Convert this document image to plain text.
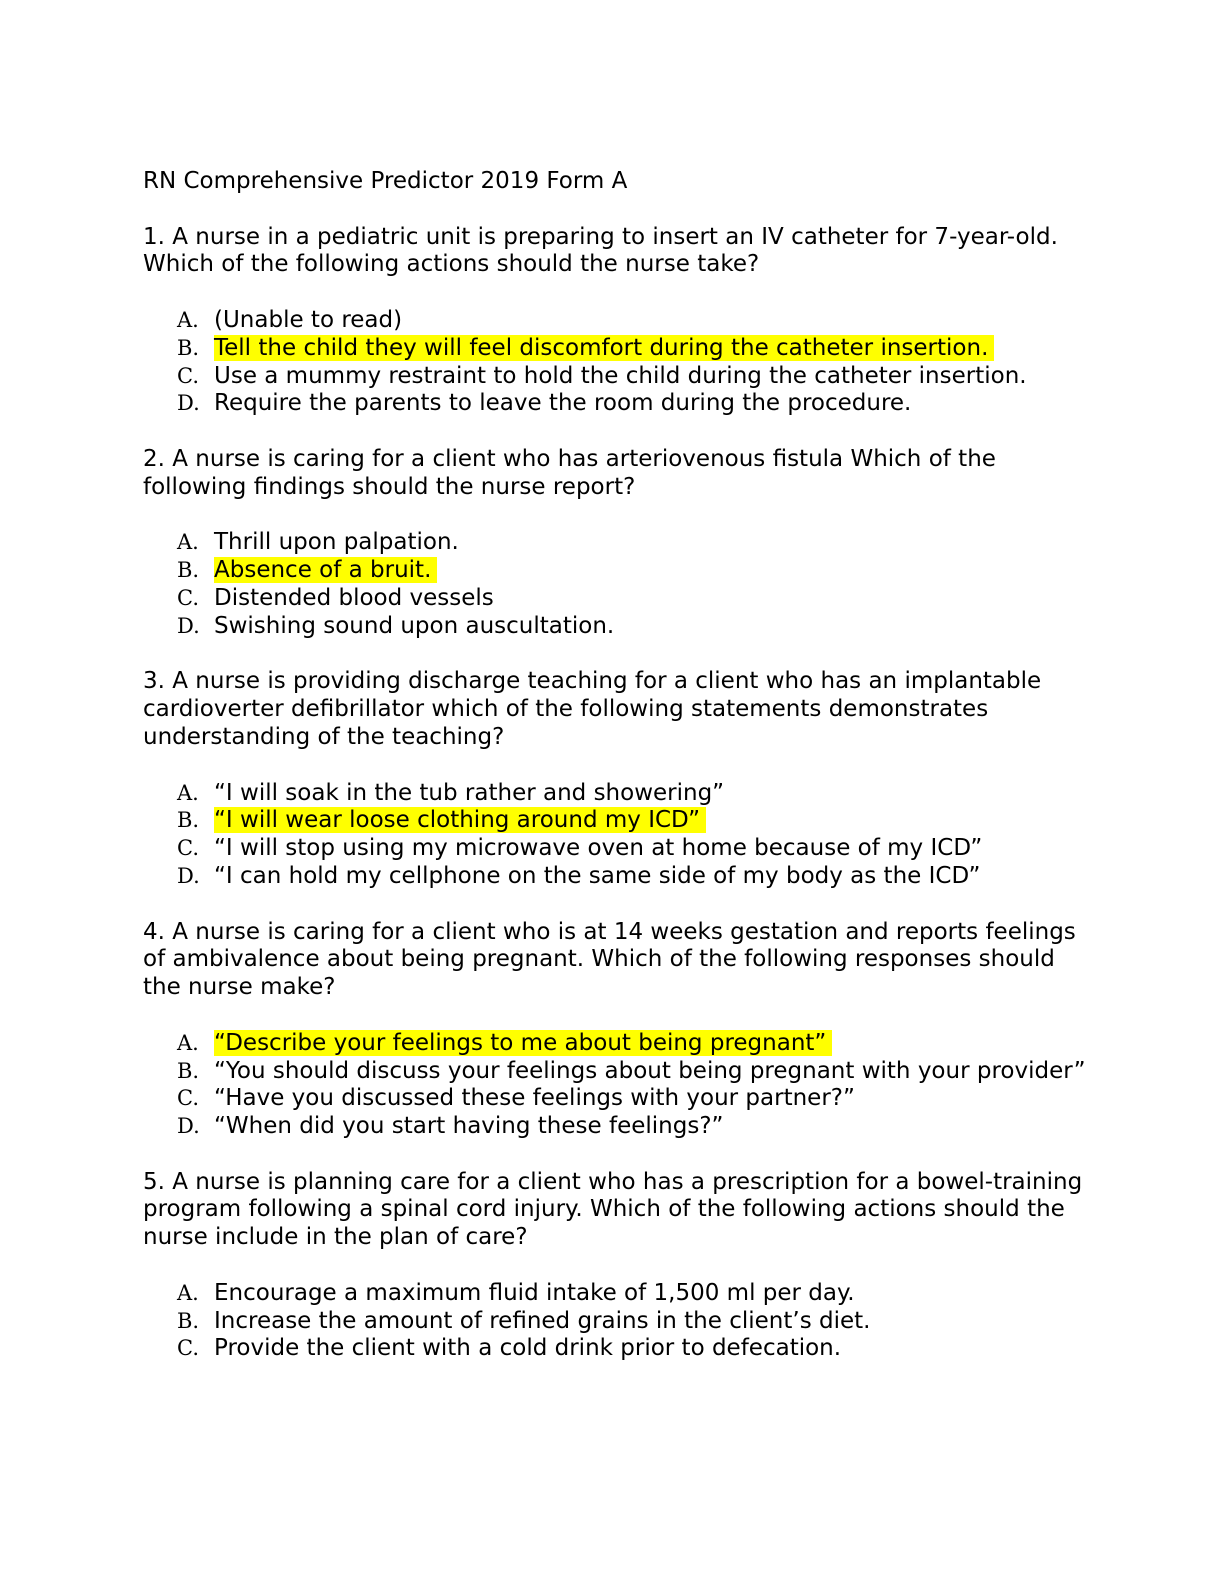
RN Comprehensive Predictor 2019 Form A

1. A nurse in a pediatric unit is preparing to insert an IV catheter for 7-year-old. Which of the following actions should the nurse take?

A. (Unable to read)
B. Tell the child they will feel discomfort during the catheter insertion.
C. Use a mummy restraint to hold the child during the catheter insertion.
D. Require the parents to leave the room during the procedure.

2. A nurse is caring for a client who has arteriovenous fistula Which of the following findings should the nurse report?

A. Thrill upon palpation.
B. Absence of a bruit.
C. Distended blood vessels
D. Swishing sound upon auscultation.

3. A nurse is providing discharge teaching for a client who has an implantable cardioverter defibrillator which of the following statements demonstrates understanding of the teaching?

A. “I will soak in the tub rather and showering”
B. “I will wear loose clothing around my ICD”
C. “I will stop using my microwave oven at home because of my ICD”
D. “I can hold my cellphone on the same side of my body as the ICD”

4. A nurse is caring for a client who is at 14 weeks gestation and reports feelings of ambivalence about being pregnant. Which of the following responses should the nurse make?

A. “Describe your feelings to me about being pregnant”
B. “You should discuss your feelings about being pregnant with your provider”
C. “Have you discussed these feelings with your partner?”
D. “When did you start having these feelings?”

5. A nurse is planning care for a client who has a prescription for a bowel-training program following a spinal cord injury. Which of the following actions should the nurse include in the plan of care?

A. Encourage a maximum fluid intake of 1,500 ml per day.
B. Increase the amount of refined grains in the client’s diet.
C. Provide the client with a cold drink prior to defecation.
